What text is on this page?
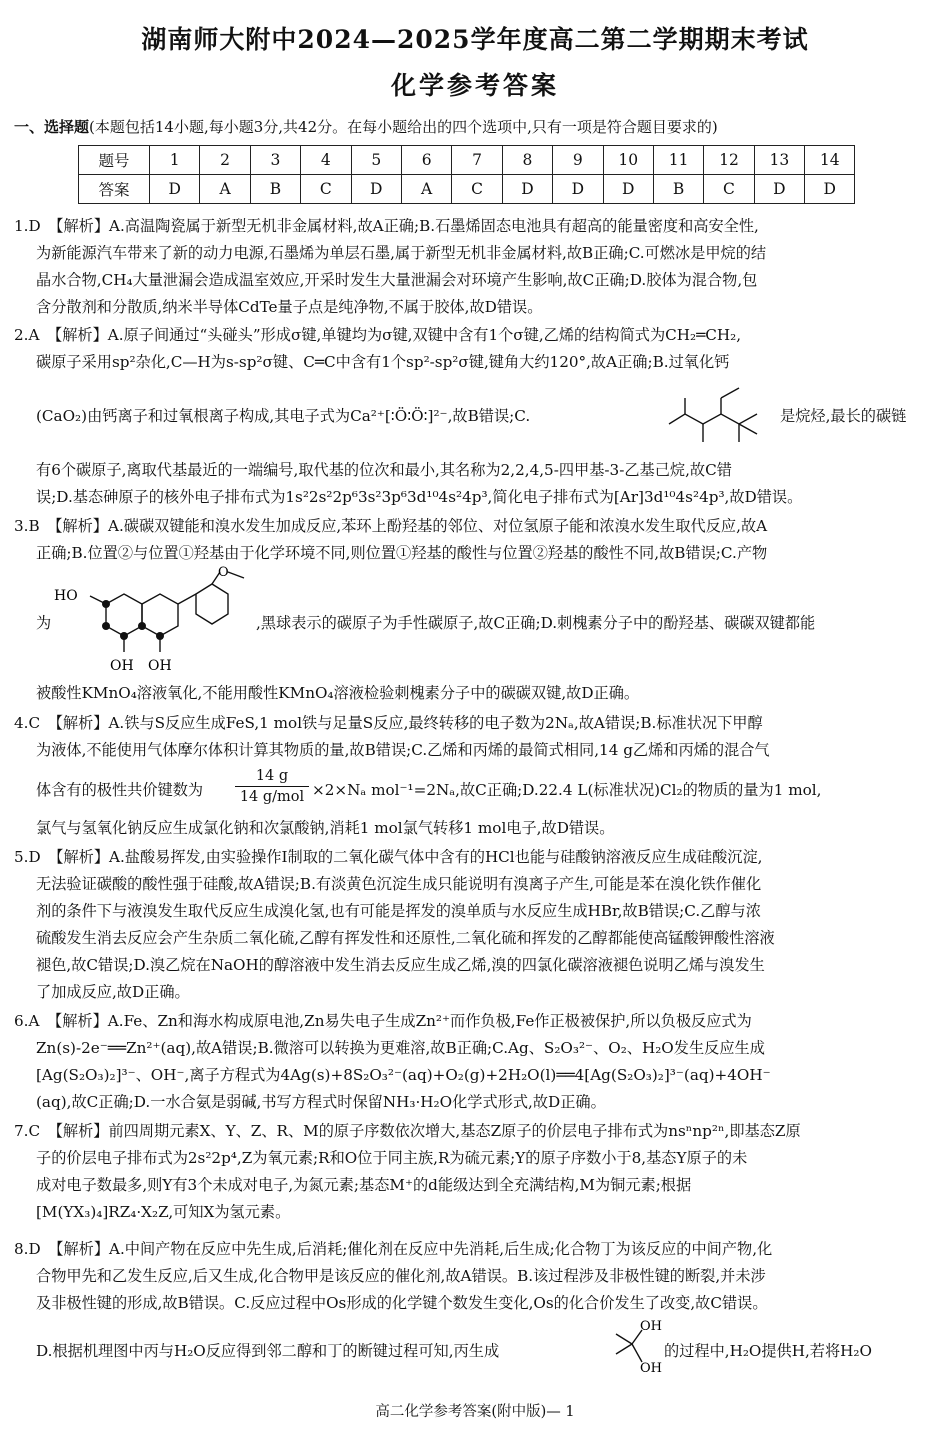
湖南师大附中2024—2025学年度高二第二学期期末考试
化学参考答案
一、选择题(本题包括14小题,每小题3分,共42分。在每小题给出的四个选项中,只有一项是符合题目要求的)
题号	1	2	3	4	5	6	7	8	9	10	11	12	13	14
答案	D	A	B	C	D	A	C	D	D	D	B	C	D	D
1.D　【解析】A.高温陶瓷属于新型无机非金属材料,故A正确;B.石墨烯固态电池具有超高的能量密度和高安全性,
为新能源汽车带来了新的动力电源,石墨烯为单层石墨,属于新型无机非金属材料,故B正确;C.可燃冰是甲烷的结
晶水合物,CH₄大量泄漏会造成温室效应,开采时发生大量泄漏会对环境产生影响,故C正确;D.胶体为混合物,包
含分散剂和分散质,纳米半导体CdTe量子点是纯净物,不属于胶体,故D错误。
2.A　【解析】A.原子间通过“头碰头”形成σ键,单键均为σ键,双键中含有1个σ键,乙烯的结构简式为CH₂═CH₂,
碳原子采用sp²杂化,C—H为s-sp²σ键、C═C中含有1个sp²-sp²σ键,键角大约120°,故A正确;B.过氧化钙
(CaO₂)由钙离子和过氧根离子构成,其电子式为Ca²⁺[∶Ö∶Ö∶]²⁻,故B错误;C.	是烷烃,最长的碳链
有6个碳原子,离取代基最近的一端编号,取代基的位次和最小,其名称为2,2,4,5-四甲基-3-乙基己烷,故C错
误;D.基态砷原子的核外电子排布式为1s²2s²2p⁶3s²3p⁶3d¹⁰4s²4p³,简化电子排布式为[Ar]3d¹⁰4s²4p³,故D错误。
3.B　【解析】A.碳碳双键能和溴水发生加成反应,苯环上酚羟基的邻位、对位氢原子能和浓溴水发生取代反应,故A
正确;B.位置②与位置①羟基由于化学环境不同,则位置①羟基的酸性与位置②羟基的酸性不同,故B错误;C.产物
为	,黑球表示的碳原子为手性碳原子,故C正确;D.刺槐素分子中的酚羟基、碳碳双键都能
HO
OH OH
O
被酸性KMnO₄溶液氧化,不能用酸性KMnO₄溶液检验刺槐素分子中的碳碳双键,故D正确。
4.C　【解析】A.铁与S反应生成FeS,1 mol铁与足量S反应,最终转移的电子数为2Nₐ,故A错误;B.标准状况下甲醇
为液体,不能使用气体摩尔体积计算其物质的量,故B错误;C.乙烯和丙烯的最简式相同,14 g乙烯和丙烯的混合气
体含有的极性共价键数为
14 g
14 g/mol ×2×Nₐ mol⁻¹=2Nₐ,故C正确;D.22.4 L(标准状况)Cl₂的物质的量为1 mol,
氯气与氢氧化钠反应生成氯化钠和次氯酸钠,消耗1 mol氯气转移1 mol电子,故D错误。
5.D　【解析】A.盐酸易挥发,由实验操作Ⅰ制取的二氧化碳气体中含有的HCl也能与硅酸钠溶液反应生成硅酸沉淀,
无法验证碳酸的酸性强于硅酸,故A错误;B.有淡黄色沉淀生成只能说明有溴离子产生,可能是苯在溴化铁作催化
剂的条件下与液溴发生取代反应生成溴化氢,也有可能是挥发的溴单质与水反应生成HBr,故B错误;C.乙醇与浓
硫酸发生消去反应会产生杂质二氧化硫,乙醇有挥发性和还原性,二氧化硫和挥发的乙醇都能使高锰酸钾酸性溶液
褪色,故C错误;D.溴乙烷在NaOH的醇溶液中发生消去反应生成乙烯,溴的四氯化碳溶液褪色说明乙烯与溴发生
了加成反应,故D正确。
6.A　【解析】A.Fe、Zn和海水构成原电池,Zn易失电子生成Zn²⁺而作负极,Fe作正极被保护,所以负极反应式为
Zn(s)-2e⁻══Zn²⁺(aq),故A错误;B.微溶可以转换为更难溶,故B正确;C.Ag、S₂O₃²⁻、O₂、H₂O发生反应生成
[Ag(S₂O₃)₂]³⁻、OH⁻,离子方程式为4Ag(s)+8S₂O₃²⁻(aq)+O₂(g)+2H₂O(l)══4[Ag(S₂O₃)₂]³⁻(aq)+4OH⁻
(aq),故C正确;D.一水合氨是弱碱,书写方程式时保留NH₃·H₂O化学式形式,故D正确。
7.C　【解析】前四周期元素X、Y、Z、R、M的原子序数依次增大,基态Z原子的价层电子排布式为nsⁿnp²ⁿ,即基态Z原
子的价层电子排布式为2s²2p⁴,Z为氧元素;R和O位于同主族,R为硫元素;Y的原子序数小于8,基态Y原子的未
成对电子数最多,则Y有3个未成对电子,为氮元素;基态M⁺的d能级达到全充满结构,M为铜元素;根据
[M(YX₃)₄]RZ₄·X₂Z,可知X为氢元素。
8.D　【解析】A.中间产物在反应中先生成,后消耗;催化剂在反应中先消耗,后生成;化合物丁为该反应的中间产物,化
合物甲先和乙发生反应,后又生成,化合物甲是该反应的催化剂,故A错误。B.该过程涉及非极性键的断裂,并未涉
及非极性键的形成,故B错误。C.反应过程中Os形成的化学键个数发生变化,Os的化合价发生了改变,故C错误。
D.根据机理图中丙与H₂O反应得到邻二醇和丁的断键过程可知,丙生成	的过程中,H₂O提供H,若将H₂O
OH
OH
高二化学参考答案(附中版)— 1
